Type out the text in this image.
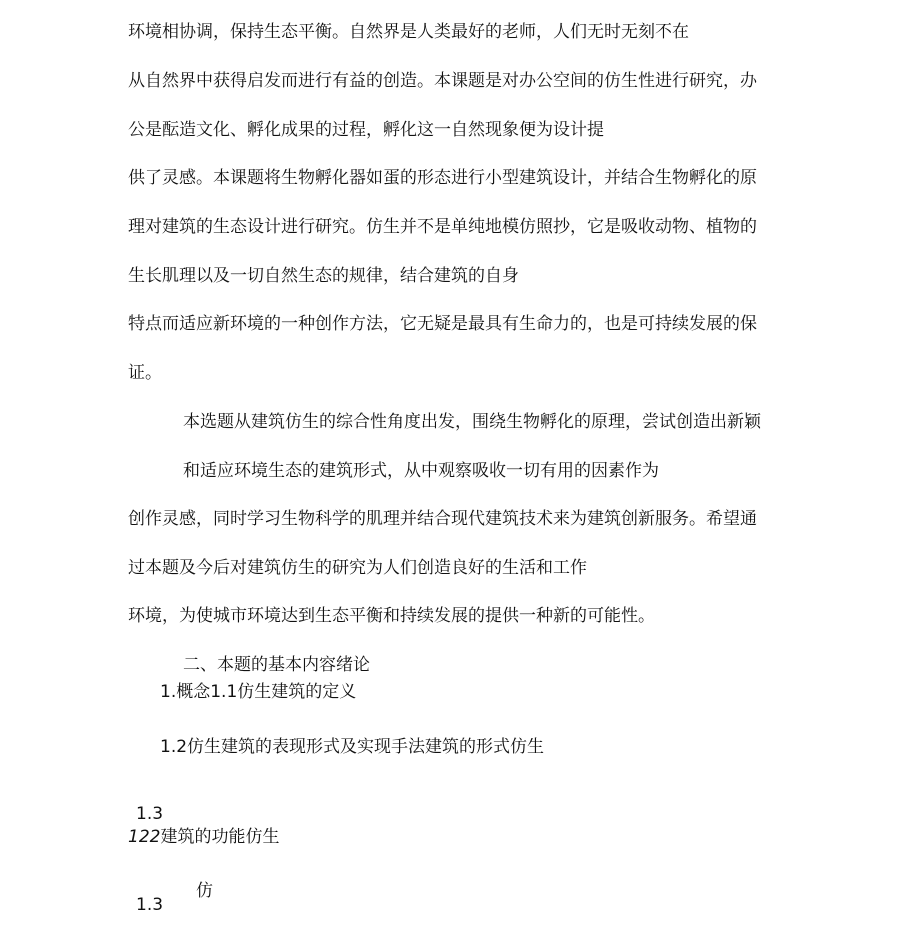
环境相协调，保持生态平衡。自然界是人类最好的老师，人们无时无刻不在

从自然界中获得启发而进行有益的创造。本课题是对办公空间的仿生性进行研究，办

公是酝造文化、孵化成果的过程，孵化这一自然现象便为设计提

供了灵感。本课题将生物孵化器如蛋的形态进行小型建筑设计，并结合生物孵化的原

理对建筑的生态设计进行研究。仿生并不是单纯地模仿照抄，它是吸收动物、植物的

生长肌理以及一切自然生态的规律，结合建筑的自身

特点而适应新环境的一种创作方法，它无疑是最具有生命力的，也是可持续发展的保

证。

本选题从建筑仿生的综合性角度出发，围绕生物孵化的原理，尝试创造出新颖

和适应环境生态的建筑形式，从中观察吸收一切有用的因素作为

创作灵感，同时学习生物科学的肌理并结合现代建筑技术来为建筑创新服务。希望通

过本题及今后对建筑仿生的研究为人们创造良好的生活和工作

环境，为使城市环境达到生态平衡和持续发展的提供一种新的可能性。

二、本题的基本内容绪论

1.概念1.1仿生建筑的定义

1.2仿生建筑的表现形式及实现手法建筑的形式仿生

1.3

122建筑的功能仿生

仿

1.3
